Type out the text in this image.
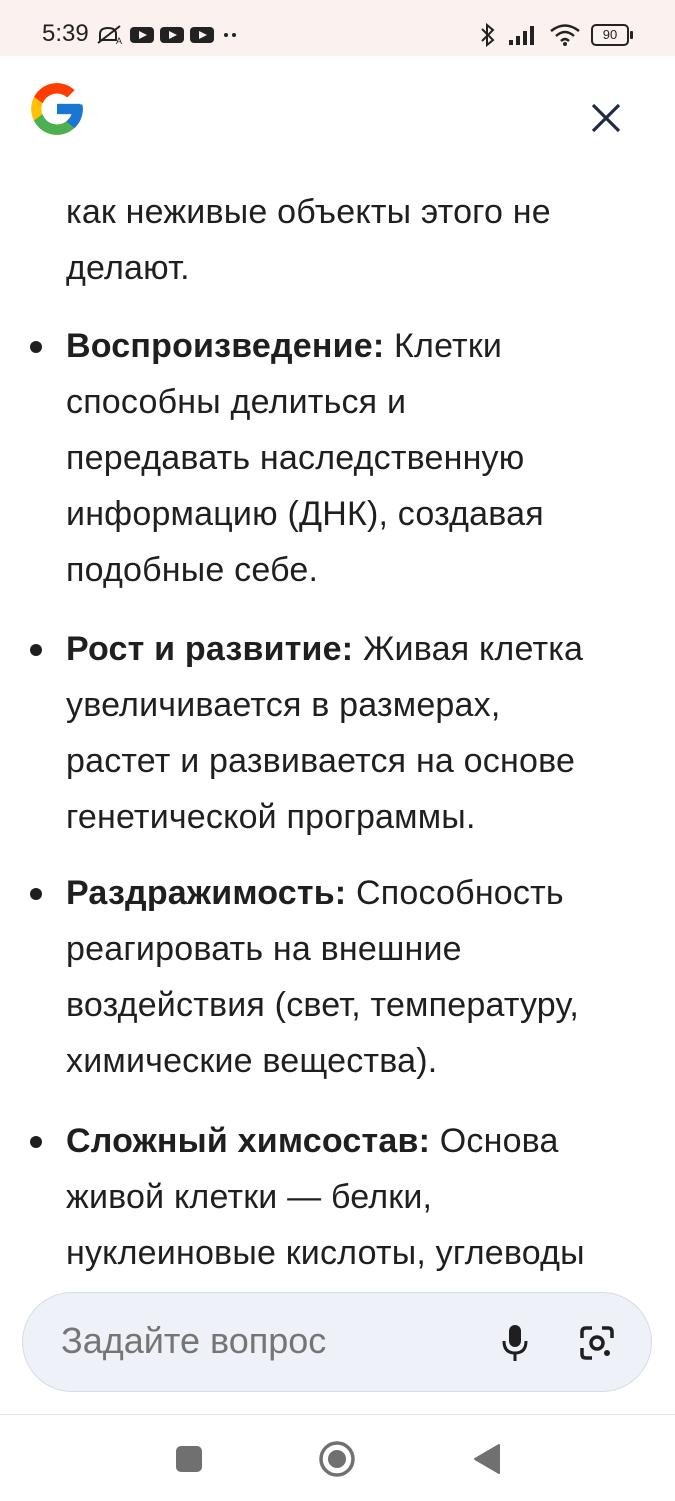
5:39	A	90
как неживые объекты этого не
делают.
Воспроизведение: Клетки
способны делиться и
передавать наследственную
информацию (ДНК), создавая
подобные себе.
Рост и развитие: Живая клетка
увеличивается в размерах,
растет и развивается на основе
генетической программы.
Раздражимость: Способность
реагировать на внешние
воздействия (свет, температуру,
химические вещества).
Сложный химсостав: Основа
живой клетки — белки,
нуклеиновые кислоты, углеводы
Задайте вопрос
